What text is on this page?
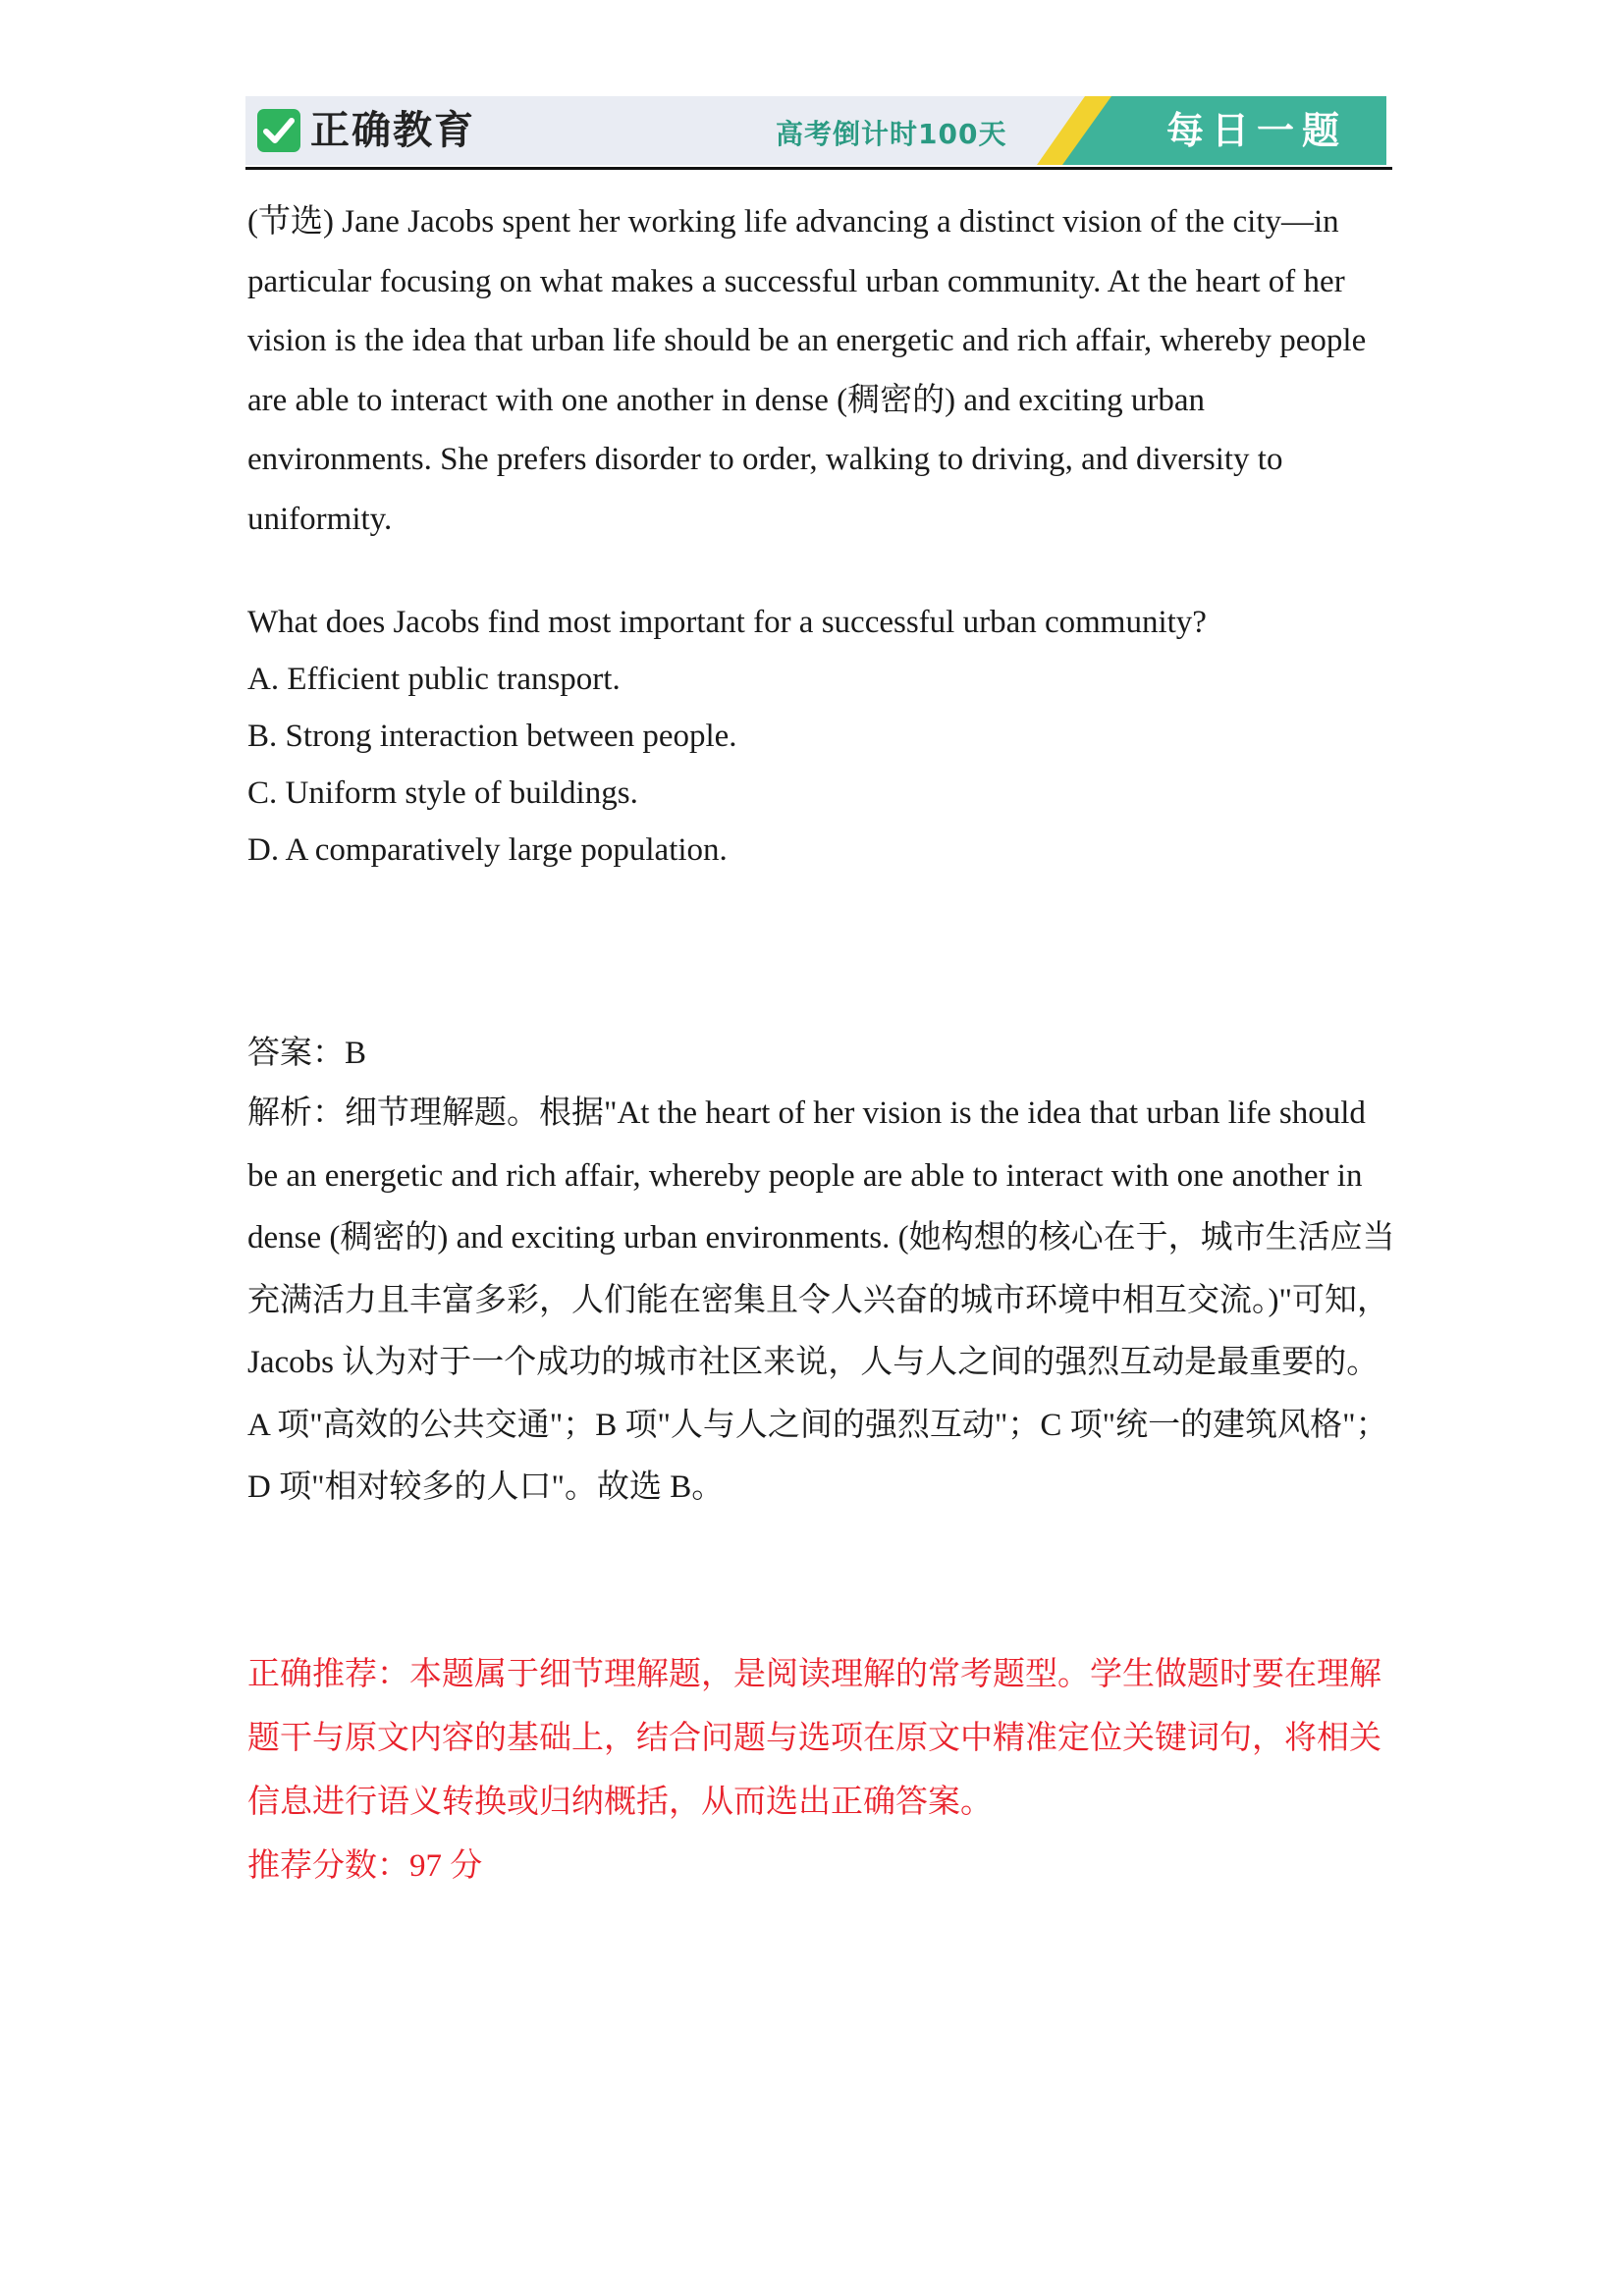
正确教育	高考倒计时100天	每日一题

(节选) Jane Jacobs spent her working life advancing a distinct vision of the city—in particular focusing on what makes a successful urban community. At the heart of her vision is the idea that urban life should be an energetic and rich affair, whereby people are able to interact with one another in dense (稠密的) and exciting urban environments. She prefers disorder to order, walking to driving, and diversity to uniformity.

What does Jacobs find most important for a successful urban community?
A. Efficient public transport.
B. Strong interaction between people.
C. Uniform style of buildings.
D. A comparatively large population.
答案：B

解析：细节理解题。根据"At the heart of her vision is the idea that urban life should be an energetic and rich affair, whereby people are able to interact with one another in dense (稠密的) and exciting urban environments. (她构想的核心在于，城市生活应当充满活力且丰富多彩，人们能在密集且令人兴奋的城市环境中相互交流。)"可知，Jacobs 认为对于一个成功的城市社区来说，人与人之间的强烈互动是最重要的。A 项"高效的公共交通"；B 项"人与人之间的强烈互动"；C 项"统一的建筑风格"；D 项"相对较多的人口"。故选 B。

正确推荐：本题属于细节理解题，是阅读理解的常考题型。学生做题时要在理解题干与原文内容的基础上，结合问题与选项在原文中精准定位关键词句，将相关信息进行语义转换或归纳概括，从而选出正确答案。

推荐分数：97 分
